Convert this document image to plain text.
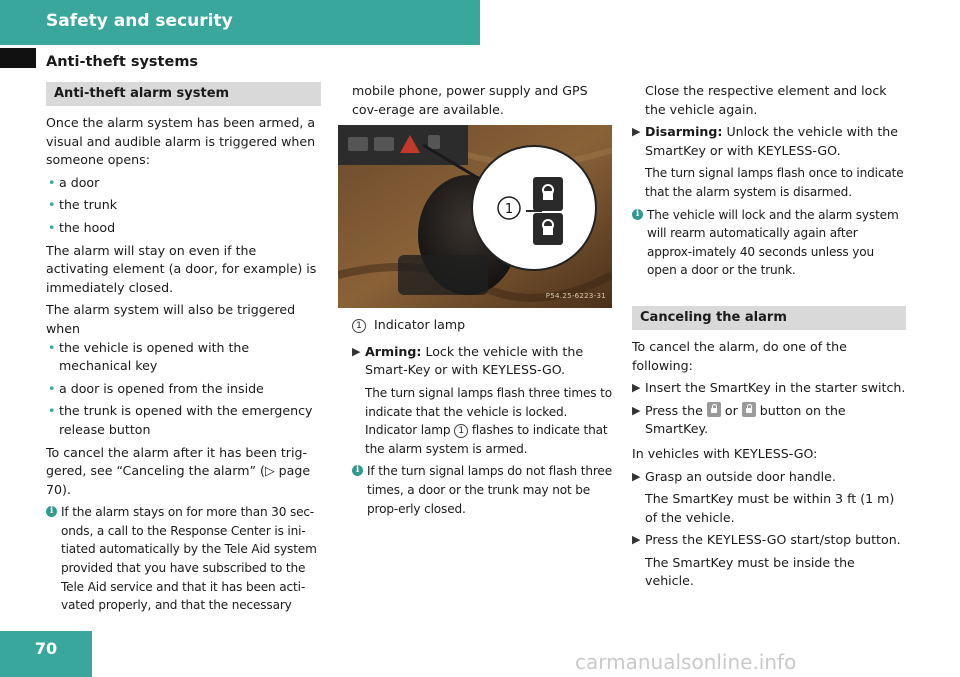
Safety and security
Anti-theft systems
Anti-theft alarm system

Once the alarm system has been armed, a visual and audible alarm is triggered when someone opens:

• a door
• the trunk
• the hood

The alarm will stay on even if the activating element (a door, for example) is immediately closed.

The alarm system will also be triggered when

• the vehicle is opened with the mechanical key
• a door is opened from the inside
• the trunk is opened with the emergency release button

To cancel the alarm after it has been trig-gered, see “Canceling the alarm” (▷ page 70).

i If the alarm stays on for more than 30 sec-onds, a call to the Response Center is ini-tiated automatically by the Tele Aid system provided that you have subscribed to the Tele Aid service and that it has been acti-vated properly, and that the necessary

mobile phone, power supply and GPS cov-erage are available.

1
P54.25-6223-31

1 Indicator lamp

▶ Arming: Lock the vehicle with the Smart-Key or with KEYLESS-GO.

The turn signal lamps flash three times to indicate that the vehicle is locked. Indicator lamp 1 flashes to indicate that the alarm system is armed.

i If the turn signal lamps do not flash three times, a door or the trunk may not be prop-erly closed.

Close the respective element and lock the vehicle again.

▶ Disarming: Unlock the vehicle with the SmartKey or with KEYLESS-GO.

The turn signal lamps flash once to indicate that the alarm system is disarmed.

i The vehicle will lock and the alarm system will rearm automatically again after approx-imately 40 seconds unless you open a door or the trunk.
Canceling the alarm

To cancel the alarm, do one of the following:

▶ Insert the SmartKey in the starter switch.
▶ Press the or button on the SmartKey.

In vehicles with KEYLESS-GO:

▶ Grasp an outside door handle.

The SmartKey must be within 3 ft (1 m) of the vehicle.

▶ Press the KEYLESS-GO start/stop button.

The SmartKey must be inside the vehicle.

70
carmanualsonline.info
